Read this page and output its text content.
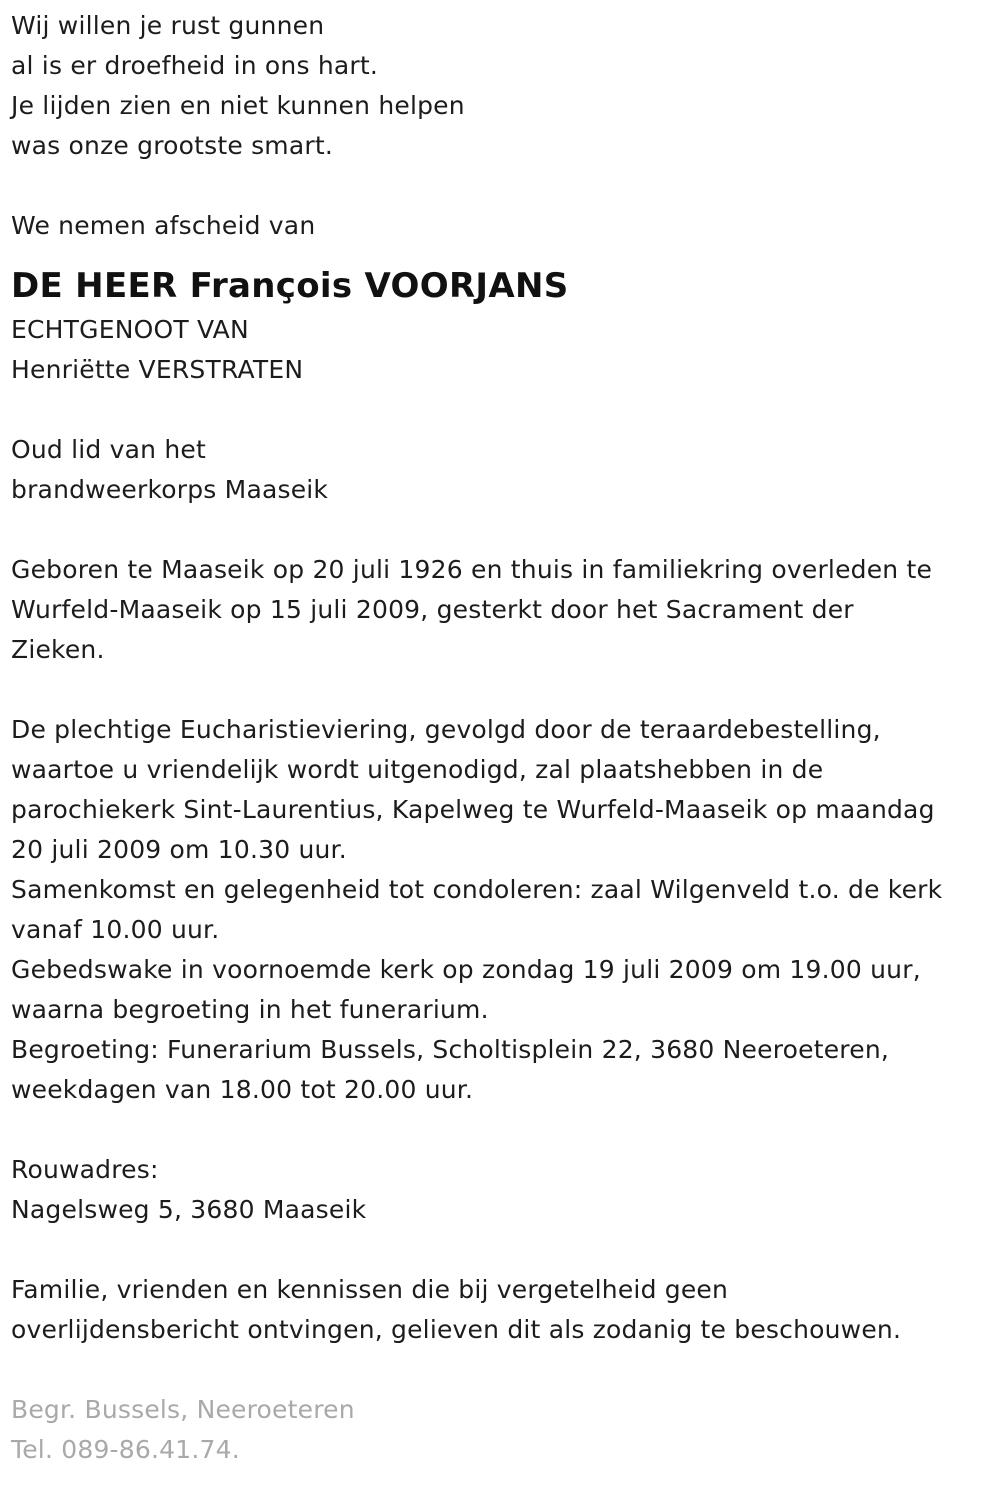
Wij willen je rust gunnen
al is er droefheid in ons hart.
Je lijden zien en niet kunnen helpen
was onze grootste smart.
We nemen afscheid van
DE HEER François VOORJANS
ECHTGENOOT VAN
Henriëtte VERSTRATEN
Oud lid van het
brandweerkorps Maaseik
Geboren te Maaseik op 20 juli 1926 en thuis in familiekring overleden te
Wurfeld-Maaseik op 15 juli 2009, gesterkt door het Sacrament der
Zieken.
De plechtige Eucharistieviering, gevolgd door de teraardebestelling,
waartoe u vriendelijk wordt uitgenodigd, zal plaatshebben in de
parochiekerk Sint-Laurentius, Kapelweg te Wurfeld-Maaseik op maandag
20 juli 2009 om 10.30 uur.
Samenkomst en gelegenheid tot condoleren: zaal Wilgenveld t.o. de kerk
vanaf 10.00 uur.
Gebedswake in voornoemde kerk op zondag 19 juli 2009 om 19.00 uur,
waarna begroeting in het funerarium.
Begroeting: Funerarium Bussels, Scholtisplein 22, 3680 Neeroeteren,
weekdagen van 18.00 tot 20.00 uur.
Rouwadres:
Nagelsweg 5, 3680 Maaseik
Familie, vrienden en kennissen die bij vergetelheid geen
overlijdensbericht ontvingen, gelieven dit als zodanig te beschouwen.
Begr. Bussels, Neeroeteren
Tel. 089-86.41.74.
